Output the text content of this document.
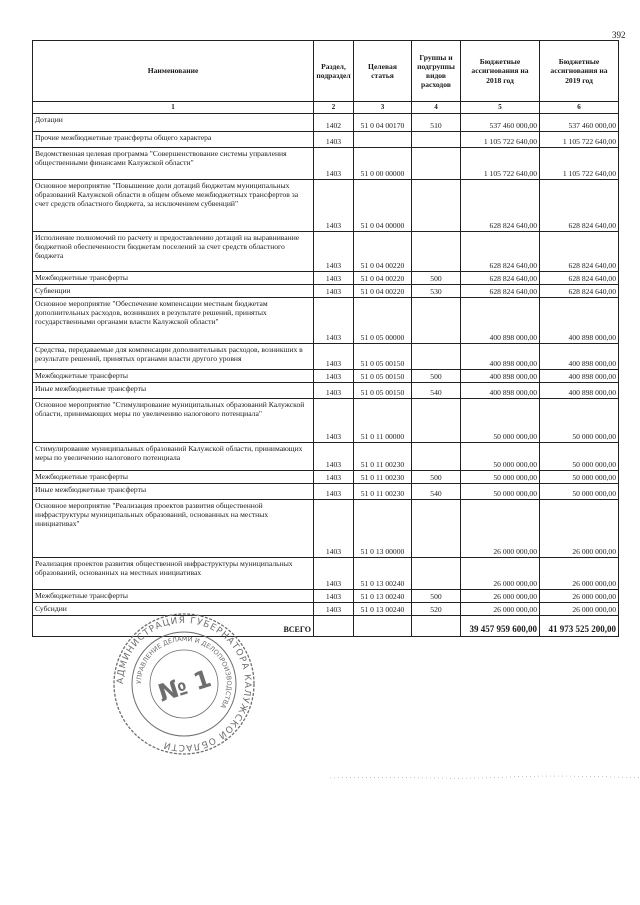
392
Наименование	Раздел, подраздел	Целевая статья	Группы и подгруппы видов расходов	Бюджетные ассигнования на 2018 год	Бюджетные ассигнования на 2019 год
1	2	3	4	5	6
Дотации	1402	51 0 04 00170	510	537 460 000,00	537 460 000,00
Прочие межбюджетные трансферты общего характера	1403			1 105 722 640,00	1 105 722 640,00
Ведомственная целевая программа "Совершенствование системы управления общественными финансами Калужской области"	1403	51 0 00 00000		1 105 722 640,00	1 105 722 640,00
Основное мероприятие "Повышение доли дотаций бюджетам муниципальных образований Калужской области в общем объеме межбюджетных трансфертов за счет средств областного бюджета, за исключением субвенций"	1403	51 0 04 00000		628 824 640,00	628 824 640,00
Исполнение полномочий по расчету и предоставлению дотаций на выравнивание бюджетной обеспеченности бюджетам поселений за счет средств областного бюджета	1403	51 0 04 00220		628 824 640,00	628 824 640,00
Межбюджетные трансферты	1403	51 0 04 00220	500	628 824 640,00	628 824 640,00
Субвенции	1403	51 0 04 00220	530	628 824 640,00	628 824 640,00
Основное мероприятие "Обеспечение компенсации местным бюджетам дополнительных расходов, возникших в результате решений, принятых государственными органами власти Калужской области"	1403	51 0 05 00000		400 898 000,00	400 898 000,00
Средства, передаваемые для компенсации дополнительных расходов, возникших в результате решений, принятых органами власти другого уровня	1403	51 0 05 00150		400 898 000,00	400 898 000,00
Межбюджетные трансферты	1403	51 0 05 00150	500	400 898 000,00	400 898 000,00
Иные межбюджетные трансферты	1403	51 0 05 00150	540	400 898 000,00	400 898 000,00
Основное мероприятие "Стимулирование муниципальных образований Калужской области, принимающих меры по увеличению налогового потенциала"	1403	51 0 11 00000		50 000 000,00	50 000 000,00
Стимулирование муниципальных образований Калужской области, принимающих меры по увеличению налогового потенциала	1403	51 0 11 00230		50 000 000,00	50 000 000,00
Межбюджетные трансферты	1403	51 0 11 00230	500	50 000 000,00	50 000 000,00
Иные межбюджетные трансферты	1403	51 0 11 00230	540	50 000 000,00	50 000 000,00
Основное мероприятие "Реализация проектов развития общественной инфраструктуры муниципальных образований, основанных на местных инициативах"	1403	51 0 13 00000		26 000 000,00	26 000 000,00
Реализация проектов развития общественной инфраструктуры муниципальных образований, основанных на местных инициативах	1403	51 0 13 00240		26 000 000,00	26 000 000,00
Межбюджетные трансферты	1403	51 0 13 00240	500	26 000 000,00	26 000 000,00
Субсидии	1403	51 0 13 00240	520	26 000 000,00	26 000 000,00
ВСЕГО				39 457 959 600,00	41 973 525 200,00
АДМИНИСТРАЦИЯ ГУБЕРНАТОРА КАЛУЖСКОЙ ОБЛАСТИ
УПРАВЛЕНИЕ ДЕЛАМИ И ДЕЛОПРОИЗВОДСТВА
№ 1
